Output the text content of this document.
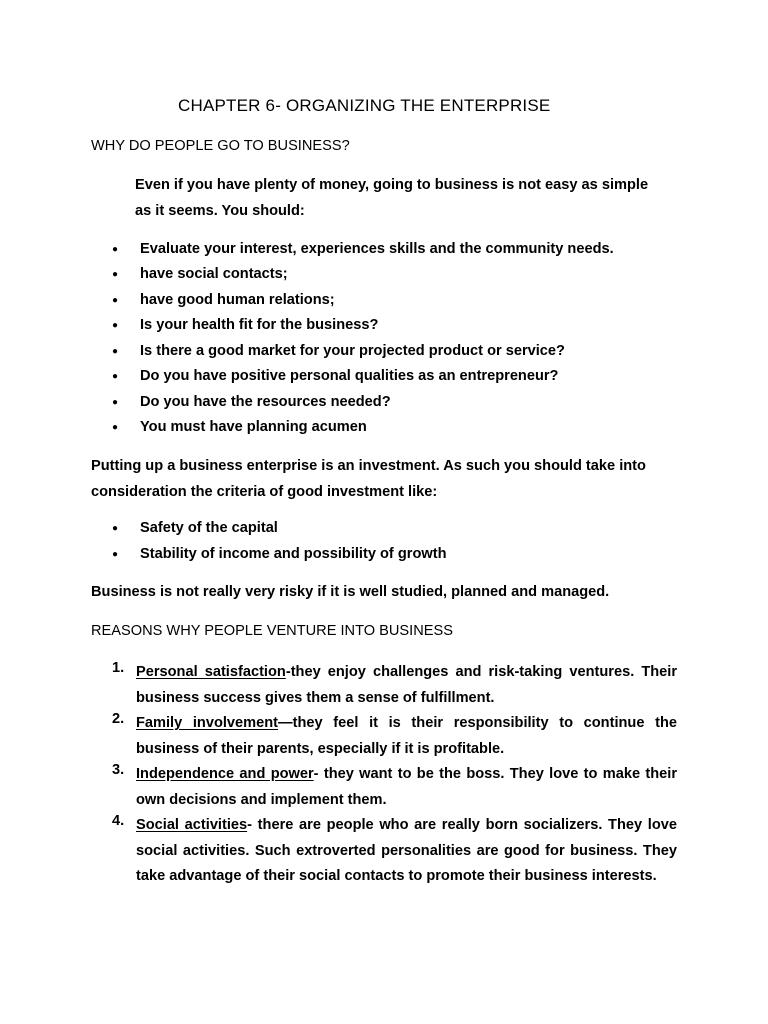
CHAPTER 6- ORGANIZING THE ENTERPRISE
WHY DO PEOPLE GO TO BUSINESS?
Even if you have plenty of money, going to business is not easy as simple
as it seems. You should:
● Evaluate your interest, experiences skills and the community needs.
● have social contacts;
● have good human relations;
● Is your health fit for the business?
● Is there a good market for your projected product or service?
● Do you have positive personal qualities as an entrepreneur?
● Do you have the resources needed?
● You must have planning acumen
Putting up a business enterprise is an investment. As such you should take into
consideration the criteria of good investment like:
● Safety of the capital
● Stability of income and possibility of growth
Business is not really very risky if it is well studied, planned and managed.
REASONS WHY PEOPLE VENTURE INTO BUSINESS
1. Personal satisfaction-they enjoy challenges and risk-taking ventures. Their business success gives them a sense of fulfillment.
2. Family involvement—they feel it is their responsibility to continue the business of their parents, especially if it is profitable.
3. Independence and power- they want to be the boss. They love to make their own decisions and implement them.
4. Social activities- there are people who are really born socializers. They love social activities. Such extroverted personalities are good for business. They take advantage of their social contacts to promote their business interests.
